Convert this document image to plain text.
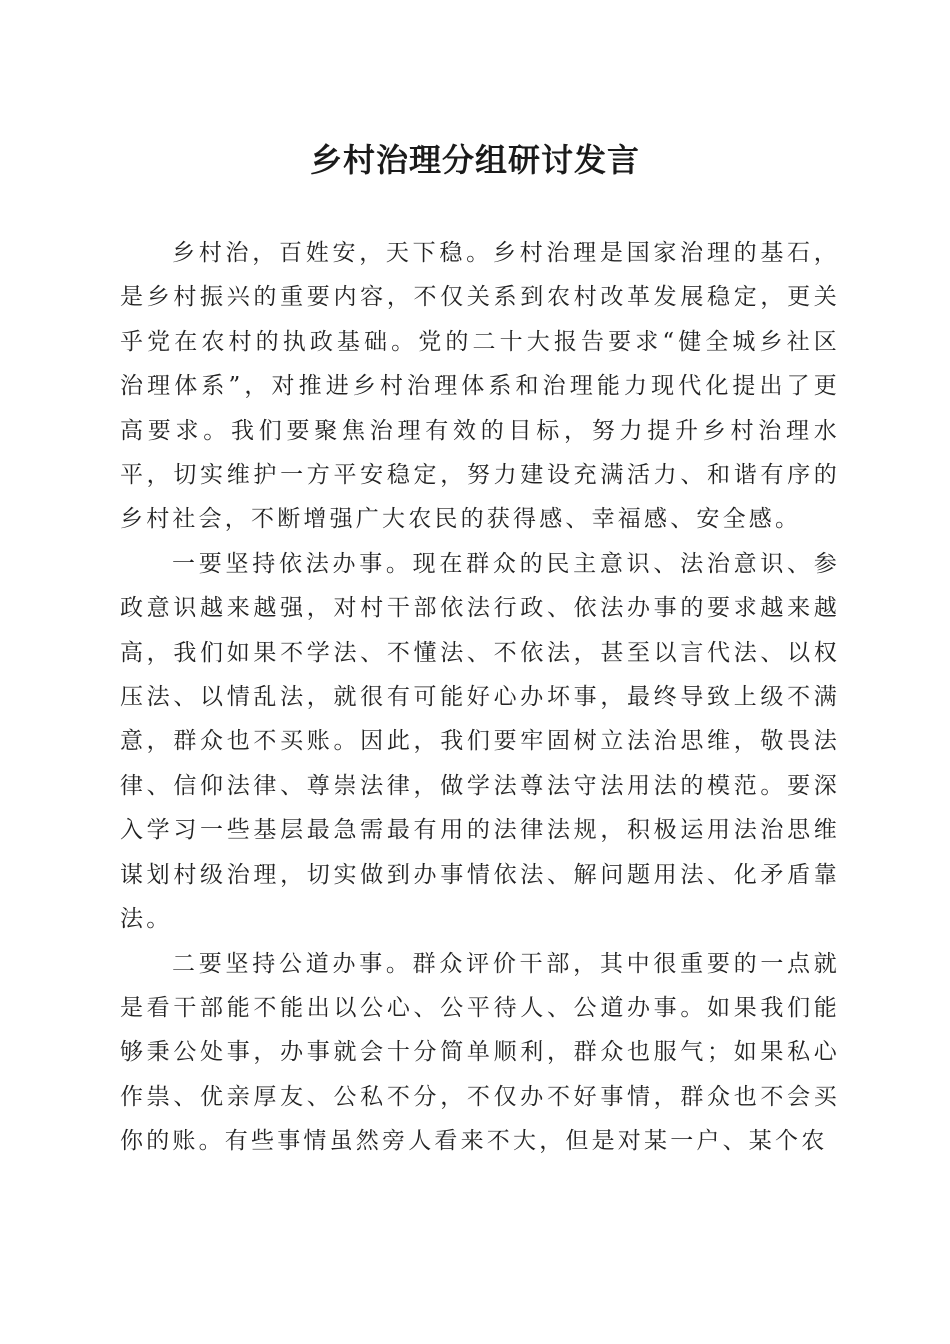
乡村治理分组研讨发言

乡村治，百姓安，天下稳。乡村治理是国家治理的基石，是乡村振兴的重要内容，不仅关系到农村改革发展稳定，更关乎党在农村的执政基础。党的二十大报告要求“健全城乡社区治理体系”，对推进乡村治理体系和治理能力现代化提出了更高要求。我们要聚焦治理有效的目标，努力提升乡村治理水平，切实维护一方平安稳定，努力建设充满活力、和谐有序的乡村社会，不断增强广大农民的获得感、幸福感、安全感。

一要坚持依法办事。现在群众的民主意识、法治意识、参政意识越来越强，对村干部依法行政、依法办事的要求越来越高，我们如果不学法、不懂法、不依法，甚至以言代法、以权压法、以情乱法，就很有可能好心办坏事，最终导致上级不满意，群众也不买账。因此，我们要牢固树立法治思维，敬畏法律、信仰法律、尊崇法律，做学法尊法守法用法的模范。要深入学习一些基层最急需最有用的法律法规，积极运用法治思维谋划村级治理，切实做到办事情依法、解问题用法、化矛盾靠法。

二要坚持公道办事。群众评价干部，其中很重要的一点就是看干部能不能出以公心、公平待人、公道办事。如果我们能够秉公处事，办事就会十分简单顺利，群众也服气；如果私心作祟、优亲厚友、公私不分，不仅办不好事情，群众也不会买你的账。有些事情虽然旁人看来不大，但是对某一户、某个农
